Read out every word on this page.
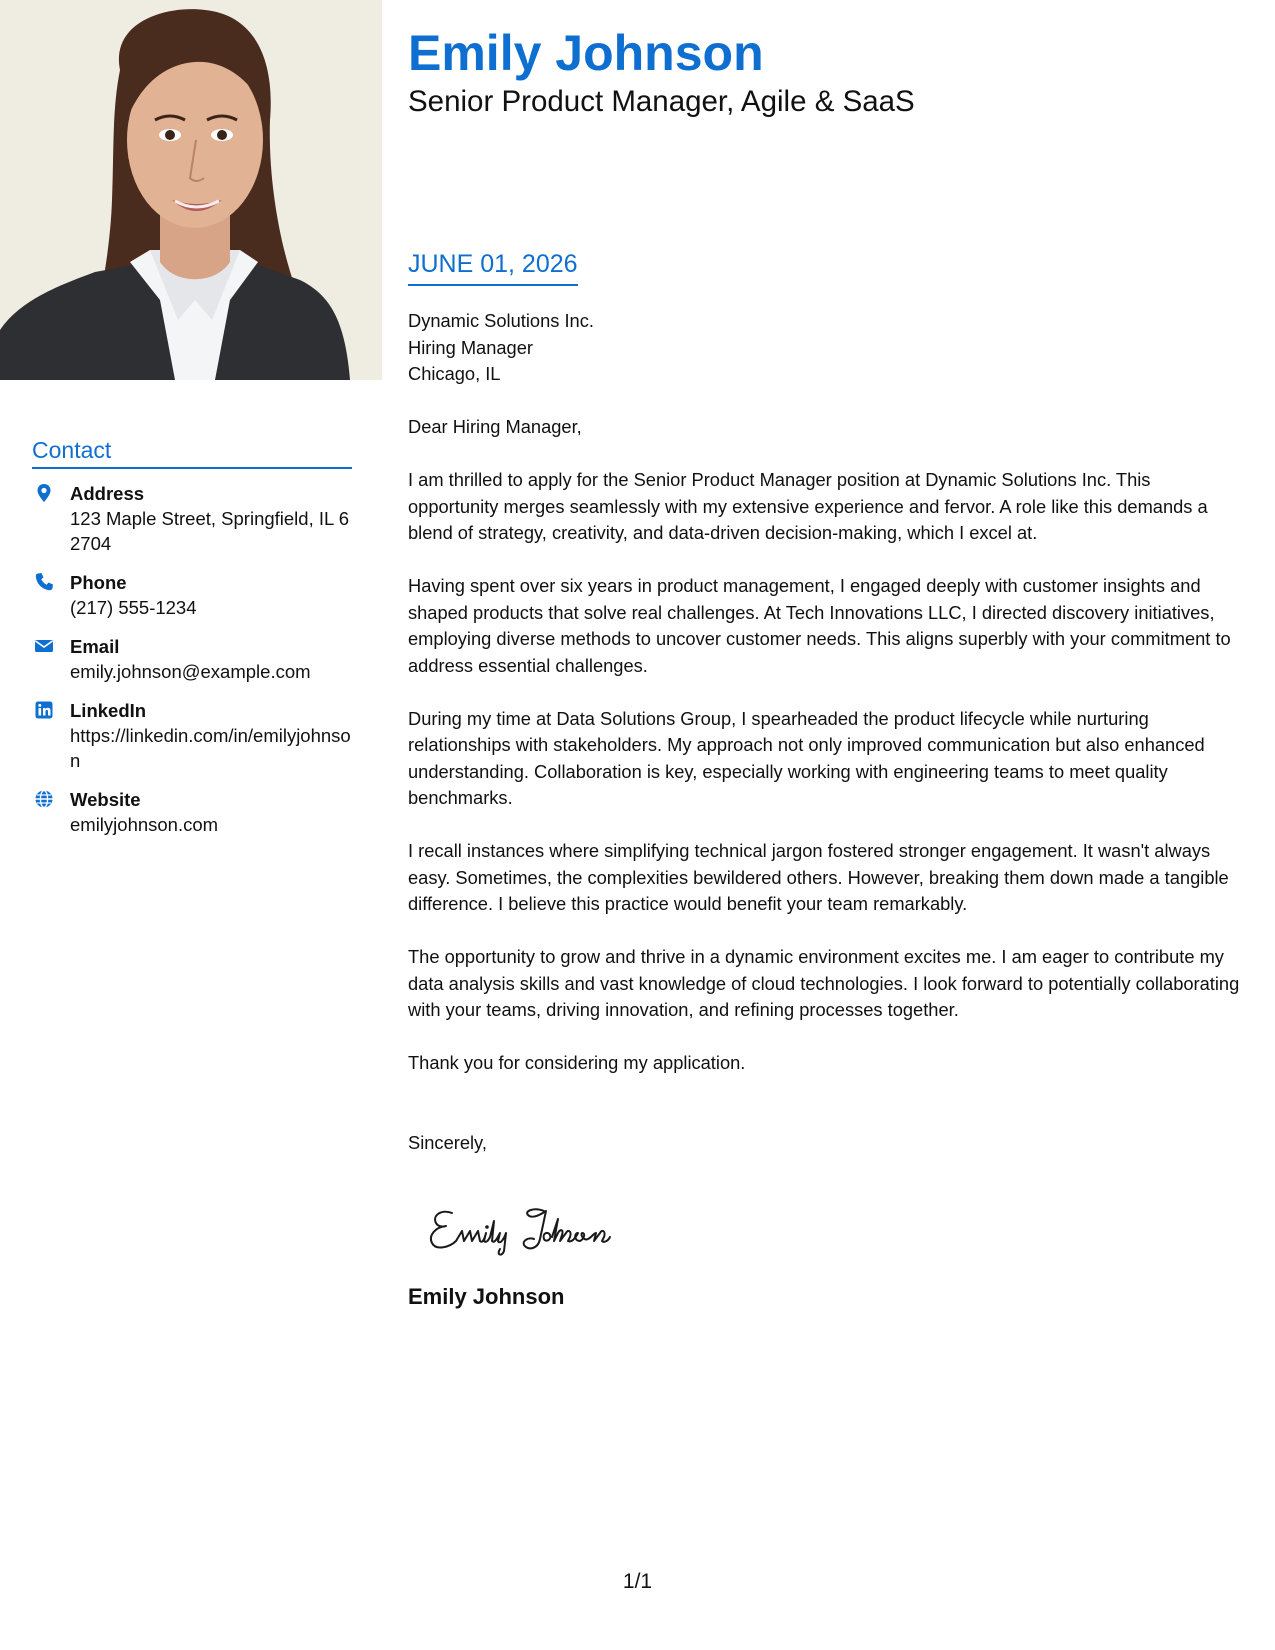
Contact
Address
123 Maple Street, Springfield, IL 62704
Phone
(217) 555-1234
Email
emily.johnson@example.com
LinkedIn
https://linkedin.com/in/emilyjohnson
Website
emilyjohnson.com
Emily Johnson
Senior Product Manager, Agile & SaaS
JUNE 01, 2026

Dynamic Solutions Inc.

Hiring Manager

Chicago, IL

Dear Hiring Manager,

I am thrilled to apply for the Senior Product Manager position at Dynamic Solutions Inc. This opportunity merges seamlessly with my extensive experience and fervor. A role like this demands a blend of strategy, creativity, and data-driven decision-making, which I excel at.

Having spent over six years in product management, I engaged deeply with customer insights and shaped products that solve real challenges. At Tech Innovations LLC, I directed discovery initiatives, employing diverse methods to uncover customer needs. This aligns superbly with your commitment to address essential challenges.

During my time at Data Solutions Group, I spearheaded the product lifecycle while nurturing relationships with stakeholders. My approach not only improved communication but also enhanced understanding. Collaboration is key, especially working with engineering teams to meet quality benchmarks.

I recall instances where simplifying technical jargon fostered stronger engagement. It wasn't always easy. Sometimes, the complexities bewildered others. However, breaking them down made a tangible difference. I believe this practice would benefit your team remarkably.

The opportunity to grow and thrive in a dynamic environment excites me. I am eager to contribute my data analysis skills and vast knowledge of cloud technologies. I look forward to potentially collaborating with your teams, driving innovation, and refining processes together.

Thank you for considering my application.

Sincerely,

Emily Johnson
1/1
